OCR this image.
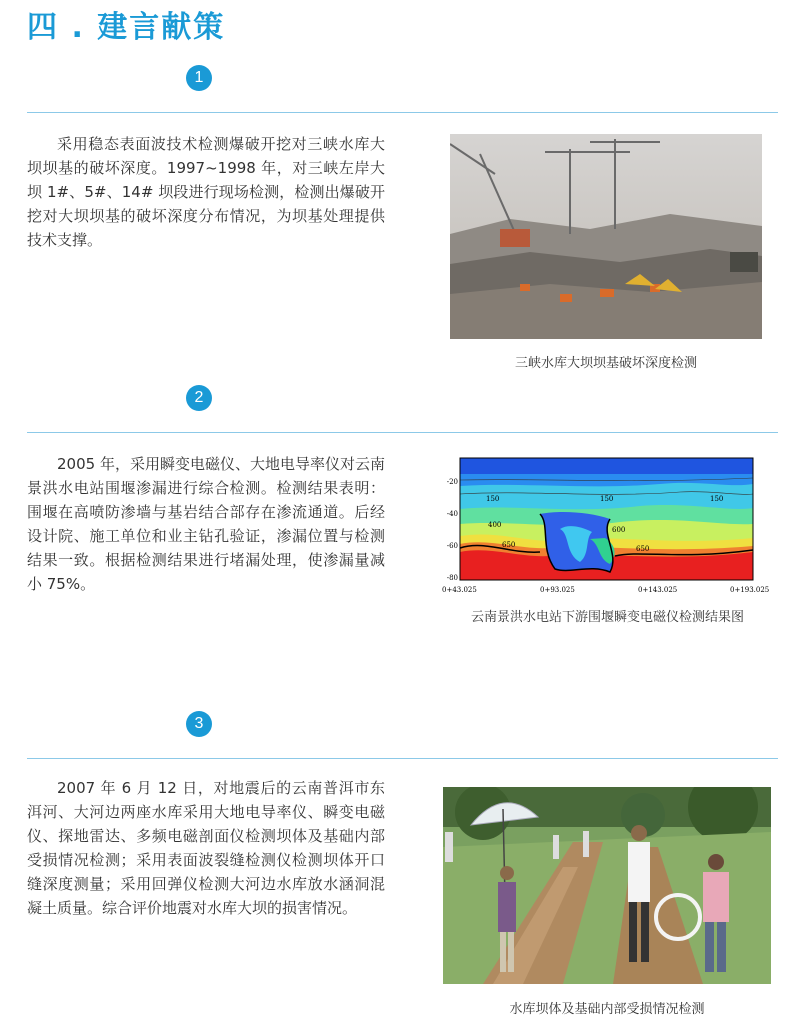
四 . 建言献策
1
采用稳态表面波技术检测爆破开挖对三峡水库大坝坝基的破坏深度。1997~1998 年，对三峡左岸大坝 1#、5#、14# 坝段进行现场检测，检测出爆破开挖对大坝坝基的破坏深度分布情况，为坝基处理提供技术支撑。
三峡水库大坝坝基破坏深度检测
2
2005 年，采用瞬变电磁仪、大地电导率仪对云南景洪水电站围堰渗漏进行综合检测。检测结果表明：围堰在高喷防渗墙与基岩结合部存在渗流通道。后经设计院、施工单位和业主钻孔验证，渗漏位置与检测结果一致。根据检测结果进行堵漏处理，使渗漏量减小 75%。
150	150	150
400
600
650	650
-20
-40
-60
-80
0+43.025	0+93.025	0+143.025	0+193.025
云南景洪水电站下游围堰瞬变电磁仪检测结果图
3
2007 年 6 月 12 日，对地震后的云南普洱市东洱河、大河边两座水库采用大地电导率仪、瞬变电磁仪、探地雷达、多频电磁剖面仪检测坝体及基础内部受损情况检测；采用表面波裂缝检测仪检测坝体开口缝深度测量；采用回弹仪检测大河边水库放水涵洞混凝土质量。综合评价地震对水库大坝的损害情况。
水库坝体及基础内部受损情况检测
